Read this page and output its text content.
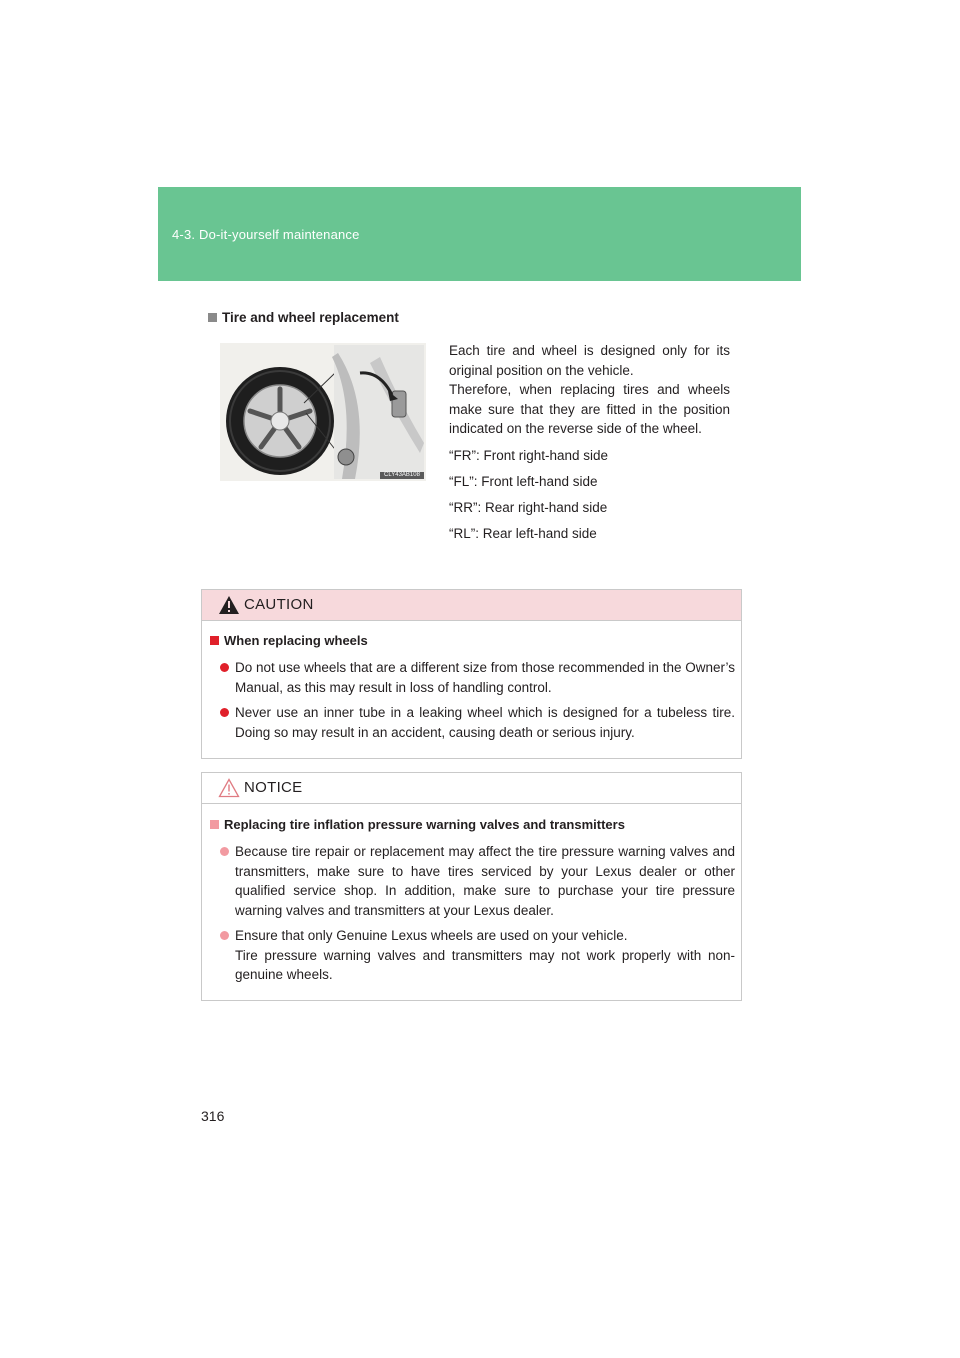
4-3. Do-it-yourself maintenance
Tire and wheel replacement
CLY43AB108

Each tire and wheel is designed only for its original position on the vehicle.

Therefore, when replacing tires and wheels make sure that they are fitted in the position indicated on the reverse side of the wheel.

“FR”: Front right-hand side
“FL”: Front left-hand side
“RR”: Rear right-hand side
“RL”: Rear left-hand side
CAUTION
When replacing wheels
Do not use wheels that are a different size from those recommended in the Owner’s Manual, as this may result in loss of handling control.
Never use an inner tube in a leaking wheel which is designed for a tubeless tire. Doing so may result in an accident, causing death or serious injury.
NOTICE
Replacing tire inflation pressure warning valves and transmitters
Because tire repair or replacement may affect the tire pressure warning valves and transmitters, make sure to have tires serviced by your Lexus dealer or other qualified service shop. In addition, make sure to purchase your tire pressure warning valves and transmitters at your Lexus dealer.
Ensure that only Genuine Lexus wheels are used on your vehicle.
Tire pressure warning valves and transmitters may not work properly with non-genuine wheels.
316
